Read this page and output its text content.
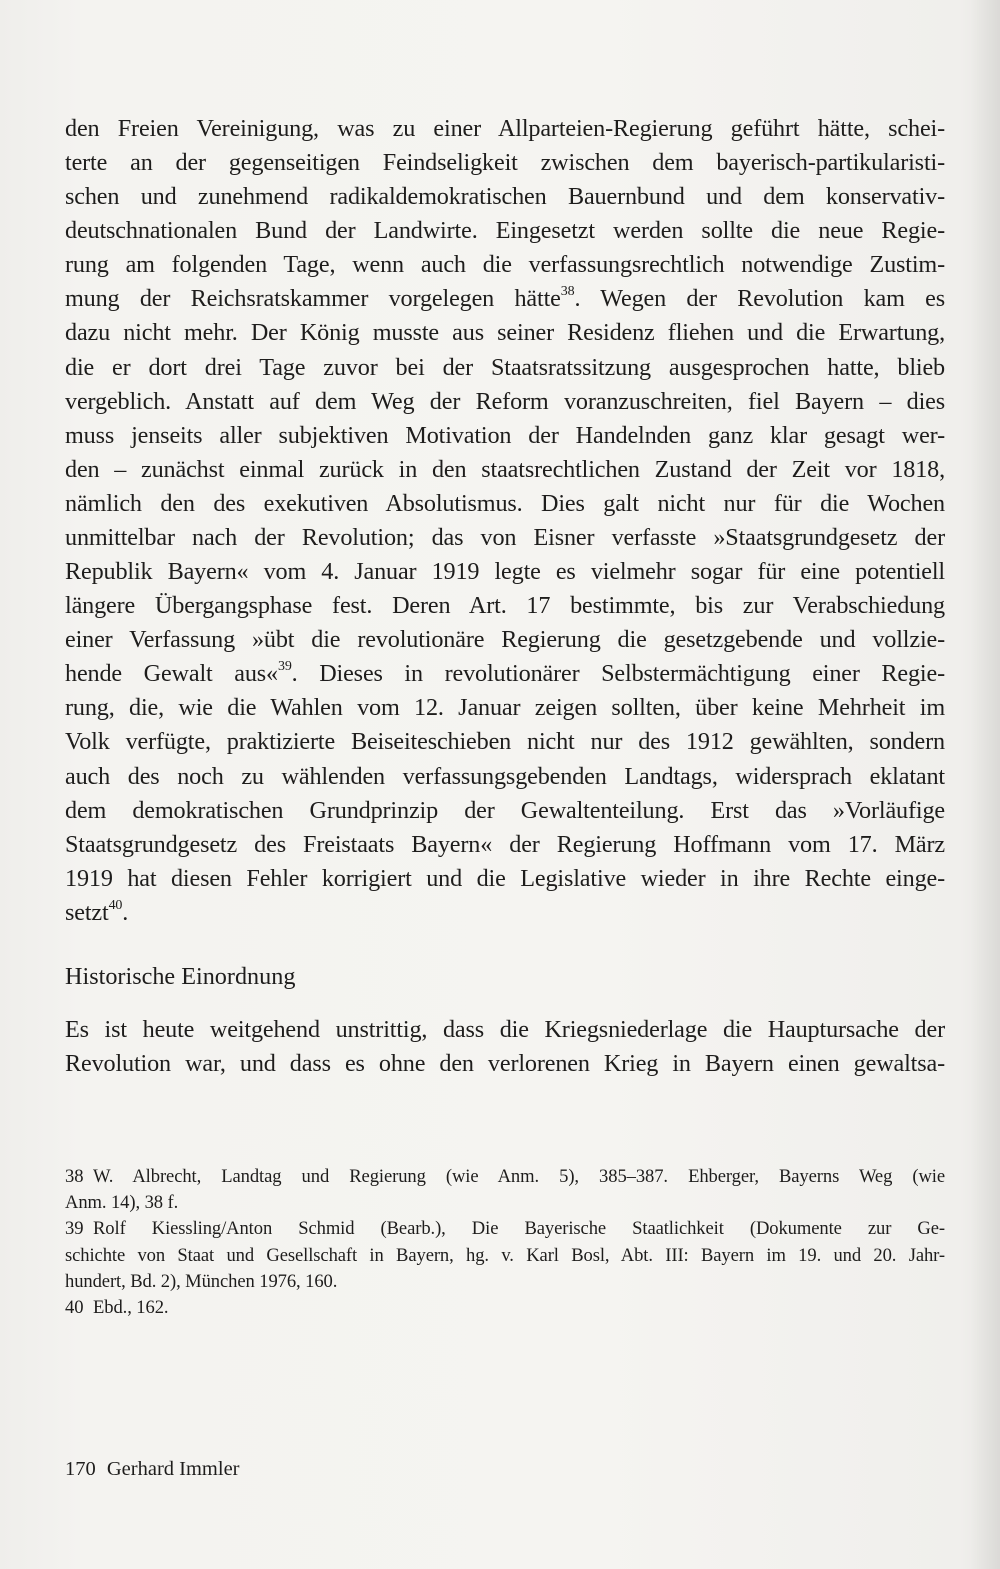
den Freien Vereinigung, was zu einer Allparteien-Regierung geführt hätte, schei-
terte an der gegenseitigen Feindseligkeit zwischen dem bayerisch-partikularisti-
schen und zunehmend radikaldemokratischen Bauernbund und dem konservativ-
deutschnationalen Bund der Landwirte. Eingesetzt werden sollte die neue Regie-
rung am folgenden Tage, wenn auch die verfassungsrechtlich notwendige Zustim-
mung der Reichsratskammer vorgelegen hätte$^{38}$. Wegen der Revolution kam es
dazu nicht mehr. Der König musste aus seiner Residenz fliehen und die Erwartung,
die er dort drei Tage zuvor bei der Staatsratssitzung ausgesprochen hatte, blieb
vergeblich. Anstatt auf dem Weg der Reform voranzuschreiten, fiel Bayern – dies
muss jenseits aller subjektiven Motivation der Handelnden ganz klar gesagt wer-
den – zunächst einmal zurück in den staatsrechtlichen Zustand der Zeit vor 1818,
nämlich den des exekutiven Absolutismus. Dies galt nicht nur für die Wochen
unmittelbar nach der Revolution; das von Eisner verfasste »Staatsgrundgesetz der
Republik Bayern« vom 4. Januar 1919 legte es vielmehr sogar für eine potentiell
längere Übergangsphase fest. Deren Art. 17 bestimmte, bis zur Verabschiedung
einer Verfassung »übt die revolutionäre Regierung die gesetzgebende und vollzie-
hende Gewalt aus«$^{39}$. Dieses in revolutionärer Selbstermächtigung einer Regie-
rung, die, wie die Wahlen vom 12. Januar zeigen sollten, über keine Mehrheit im
Volk verfügte, praktizierte Beiseiteschieben nicht nur des 1912 gewählten, sondern
auch des noch zu wählenden verfassungsgebenden Landtags, widersprach eklatant
dem demokratischen Grundprinzip der Gewaltenteilung. Erst das »Vorläufige
Staatsgrundgesetz des Freistaats Bayern« der Regierung Hoffmann vom 17. März
1919 hat diesen Fehler korrigiert und die Legislative wieder in ihre Rechte einge-
setzt$^{40}$.
Historische Einordnung
Es ist heute weitgehend unstrittig, dass die Kriegsniederlage die Hauptursache der
Revolution war, und dass es ohne den verlorenen Krieg in Bayern einen gewaltsa-
38 W. Albrecht, Landtag und Regierung (wie Anm. 5), 385–387. Ehberger, Bayerns Weg (wie
Anm. 14), 38 f.
39 Rolf Kiessling/Anton Schmid (Bearb.), Die Bayerische Staatlichkeit (Dokumente zur Ge-
schichte von Staat und Gesellschaft in Bayern, hg. v. Karl Bosl, Abt. III: Bayern im 19. und 20. Jahr-
hundert, Bd. 2), München 1976, 160.
40 Ebd., 162.
170 Gerhard Immler
